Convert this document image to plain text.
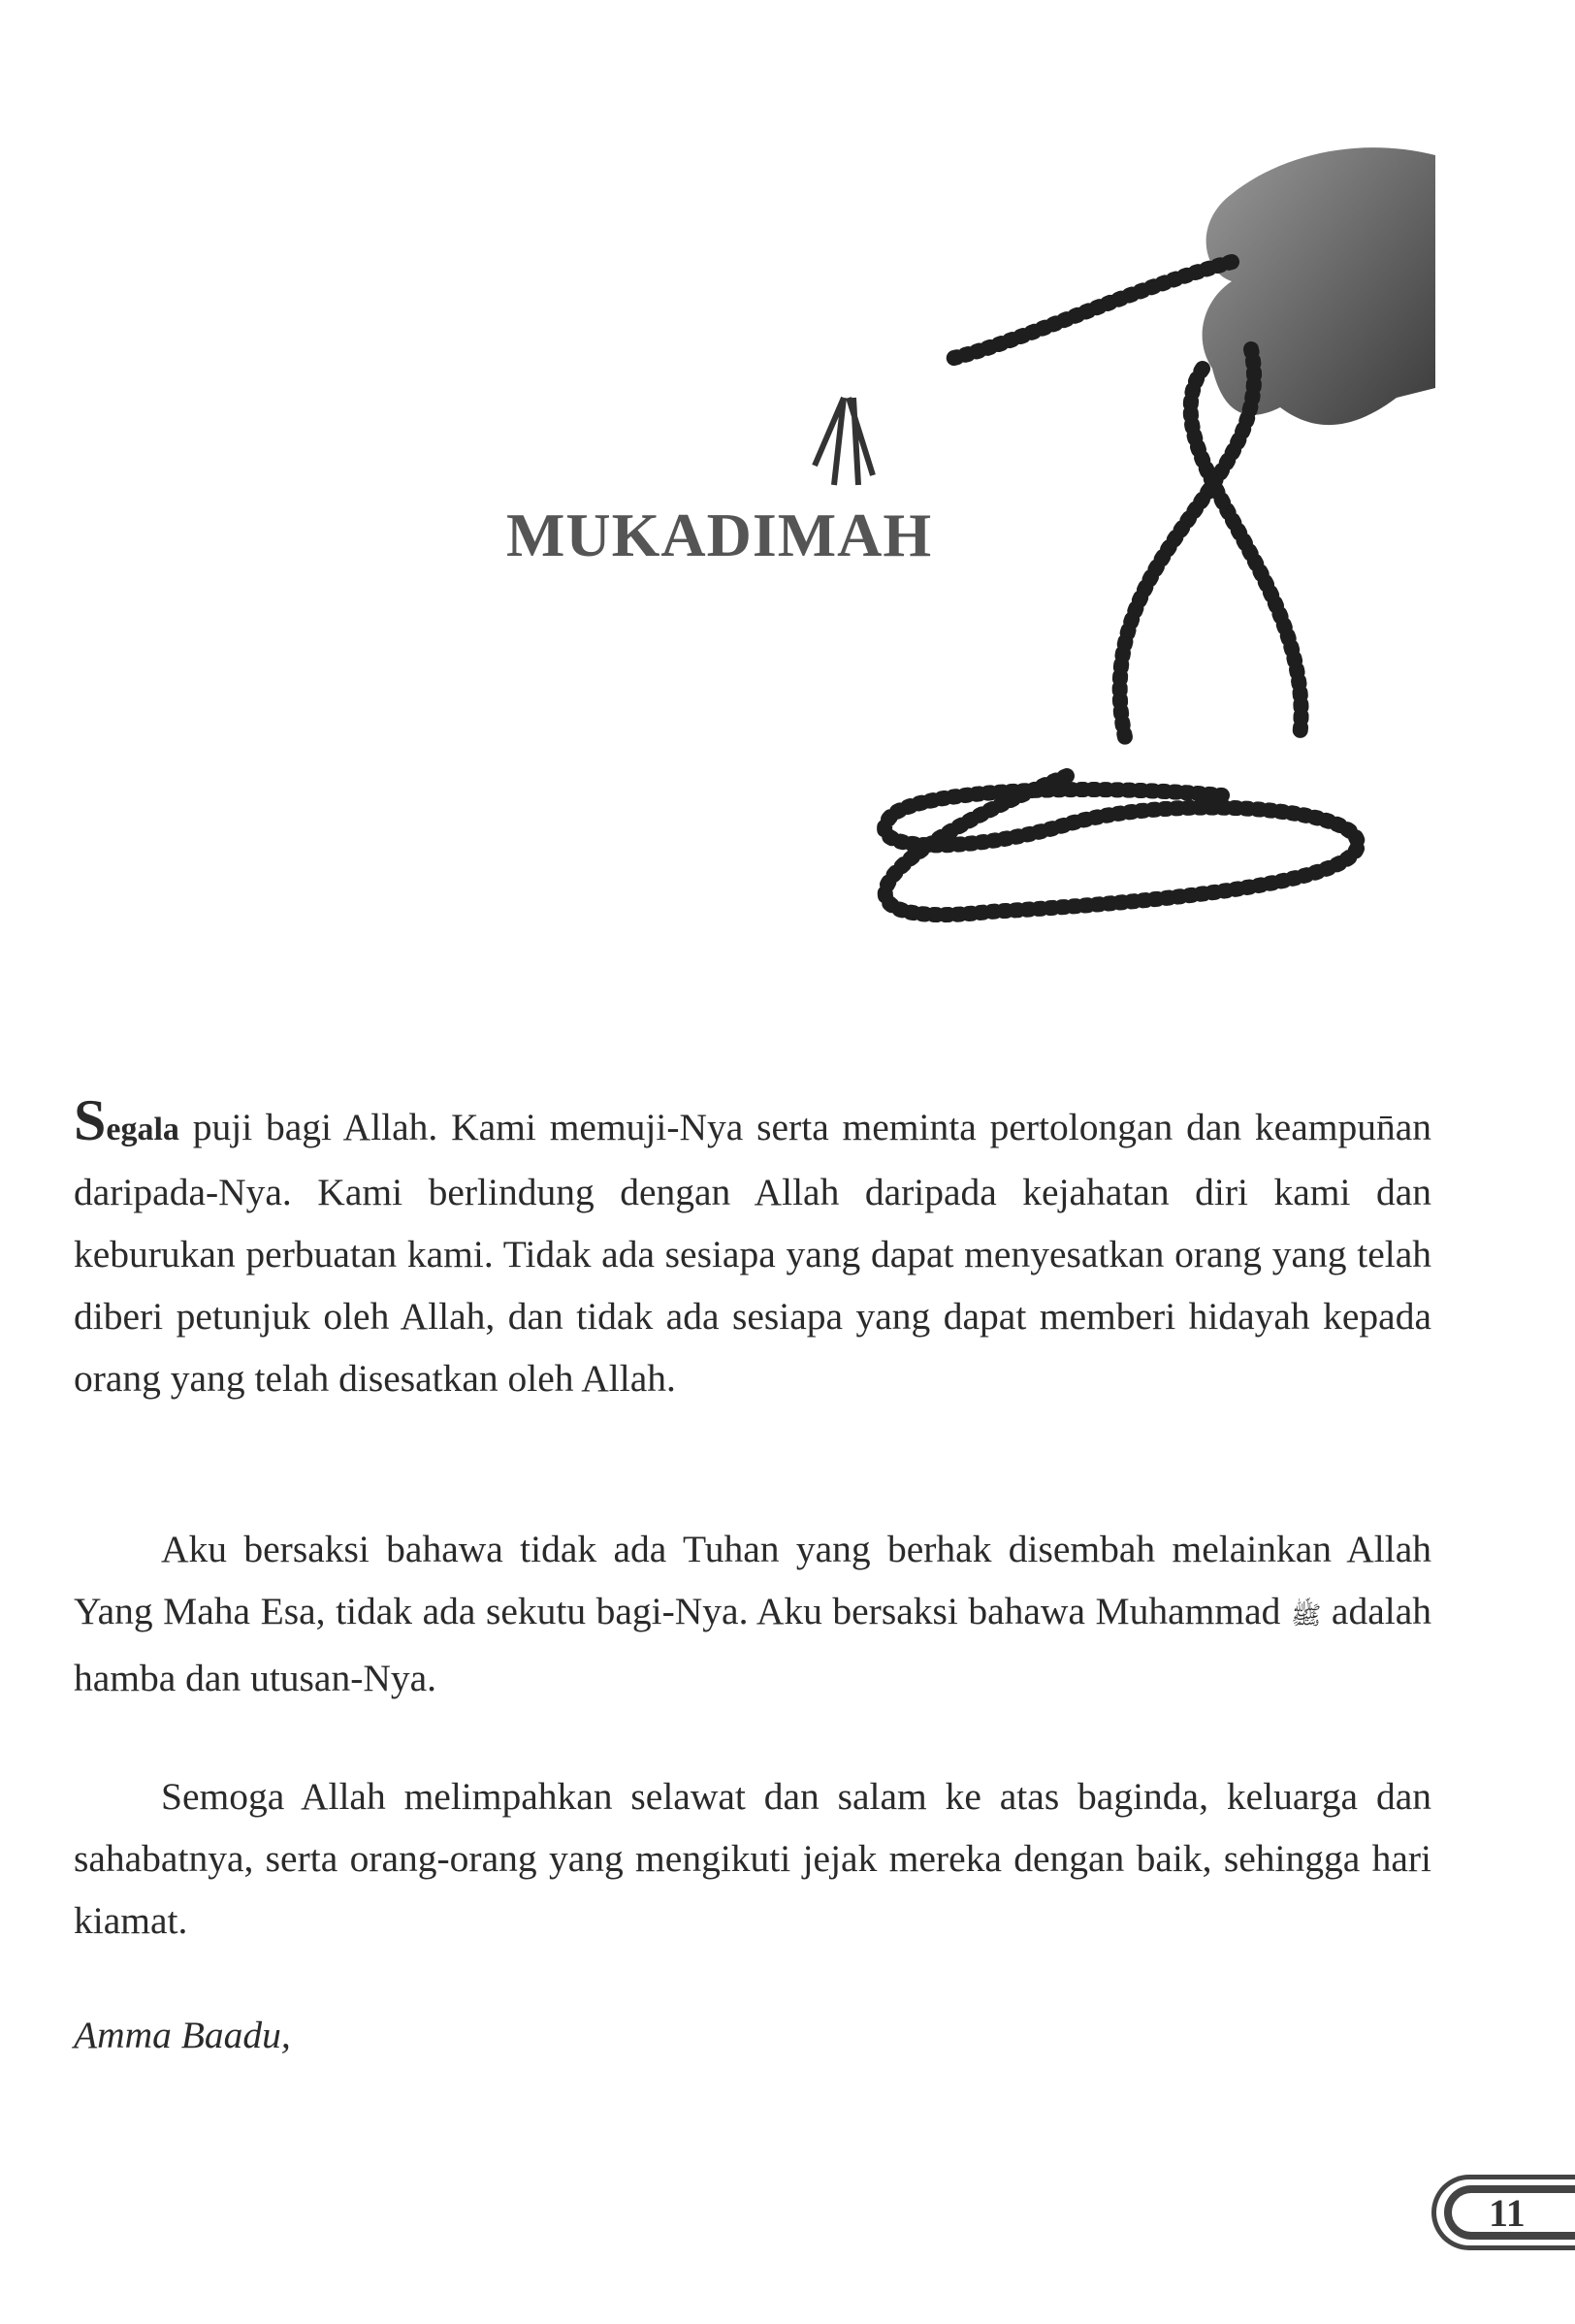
MUKADIMAH

Segala puji bagi Allah. Kami memuji-Nya serta meminta pertolongan dan keampun̄an daripada-Nya. Kami berlindung dengan Allah daripada kejahatan diri kami dan keburukan perbuatan kami. Tidak ada sesiapa yang dapat menyesatkan orang yang telah diberi petunjuk oleh Allah, dan tidak ada sesiapa yang dapat memberi hidayah kepada orang yang telah disesatkan oleh Allah.

Aku bersaksi bahawa tidak ada Tuhan yang berhak disembah melainkan Allah Yang Maha Esa, tidak ada sekutu bagi-Nya. Aku bersaksi bahawa Muhammad ﷺ adalah hamba dan utusan-Nya.

Semoga Allah melimpahkan selawat dan salam ke atas baginda, keluarga dan sahabatnya, serta orang-orang yang mengikuti jejak mereka dengan baik, sehingga hari kiamat.

Amma Baadu,
11
